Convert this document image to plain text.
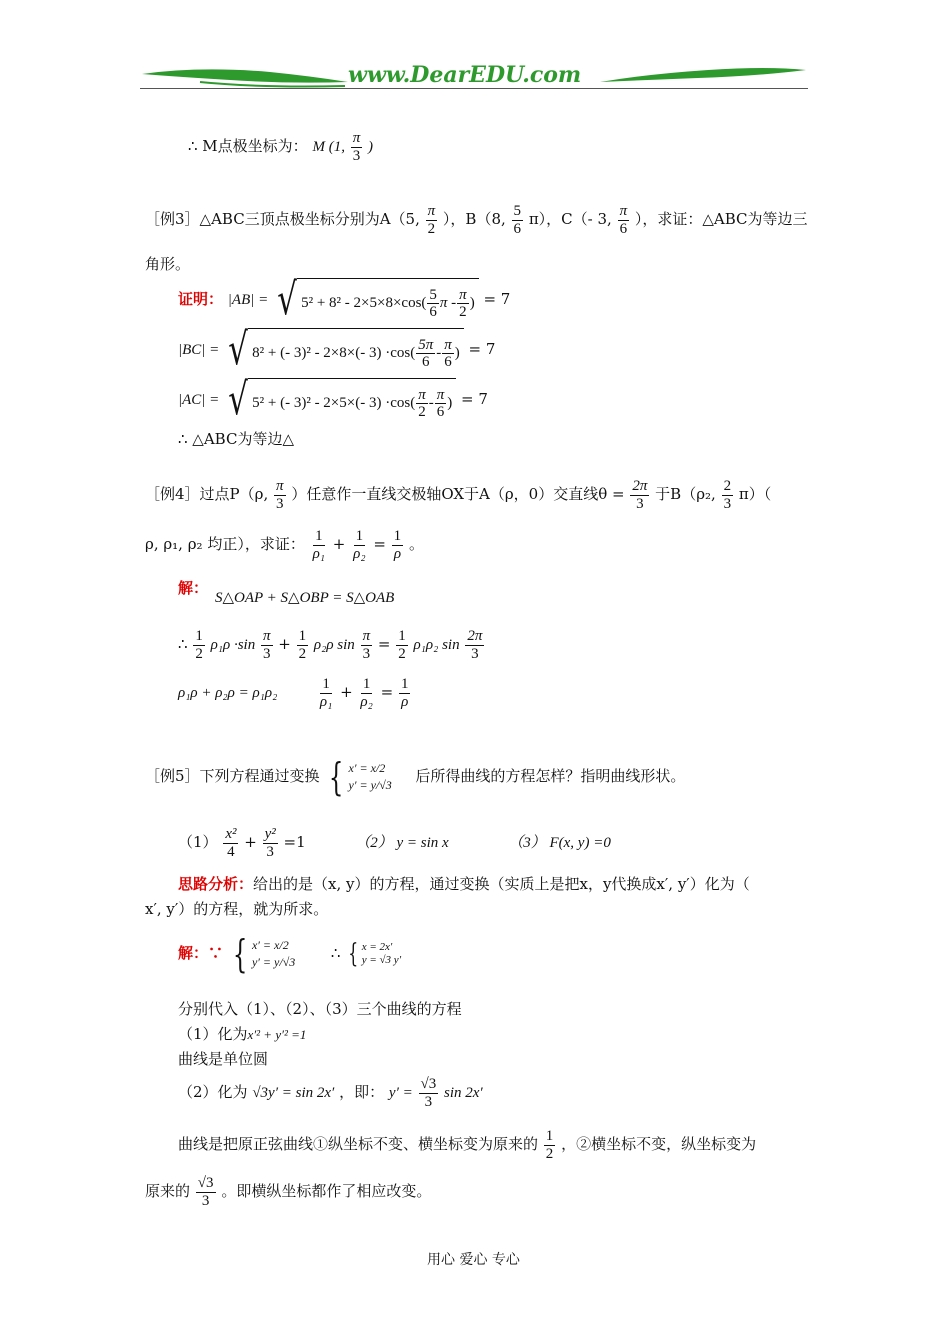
www.DearEDU.com
∴ M点极坐标为： M (1, $\frac{\pi}{3}$ )
［例3］△ABC三顶点极坐标分别为A（5, $\frac{\pi}{2}$ ），B（8, $\frac{5}{6} \pi$），C（- 3, $\frac{\pi}{6}$ ），求证：△ABC为等边三
角形。
证明： |AB| = √ $5^2 + 8^2 - 2\times 5\times 8\times\cos( \frac{5}{6}$ π - $\frac{\pi}{2}$ ) = 7
|BC| = √ 8² + (- 3)² - 2×8×(- $3) \cdot\cos( \frac{5\pi}{6} - \frac{\pi}{6}$ ) = 7
|AC| = √ 5² + (- 3)² - 2×5×(- $3) \cdot\cos( \frac{\pi}{2} - \frac{\pi}{6}$ ) = 7
∴ △ABC为等边△
［例4］过点P（ρ, $\frac{\pi}{3}$ ）任意作一直线交极轴OX于A（ρ，0）交直线$\theta = \frac{2\pi}{3}$ 于B（ρ₂, $\frac{2}{3} \pi$）（
ρ, ρ₁, ρ₂ 均正），求证： $\frac{1}{\text{ρ₁}} + \frac{1}{\text{ρ₂}} = \frac{1}{\rho}$ 。
解：
S△OAP + S△OBP = S△OAB
∴ $\frac{1}{2} \rho_1\rho \cdot\sin \frac{\pi}{3} + \frac{1}{2} \rho_2\rho$ $\sin \frac{\pi}{3} = \frac{1}{2} \rho_1\rho_2$ $\sin \frac{2\pi}{3}$
ρ₁ρ + ρ₂ρ = ρ₁ρ₂	$\frac{1}{\text{ρ₁}} + \frac{1}{\text{ρ₂}} = \frac{1}{\rho}$
［例5］下列方程通过变换 { x′ = x/2
y′ = y/√3 后所得曲线的方程怎样？指明曲线形状。
$(1) \frac{\text{x²}}{4} + \frac{\text{y²}}{3} =1$	（2） y = sin x	（3） F(x, y) =0
思路分析：给出的是（x, y）的方程，通过变换（实质上是把x，y代换成x′, y′）化为（
x′, y′）的方程，就为所求。
解：∵ { x′ = x/2
y′ = y/√3 ∴ { x = 2x′
y = √3 y′
分别代入（1）、（2）、（3）三个曲线的方程
（1）化为x′² + y′² =1
曲线是单位圆
（2）化为 √3y′ = sin 2x′ ，即： $y' = \frac{√3}{3}$ sin 2x′
曲线是把原正弦曲线①纵坐标不变、横坐标变为原来的 $\frac{1}{2}$ ，②横坐标不变，纵坐标变为
原来的 $\frac{√3}{3}$ 。即横纵坐标都作了相应改变。
用心 爱心 专心
